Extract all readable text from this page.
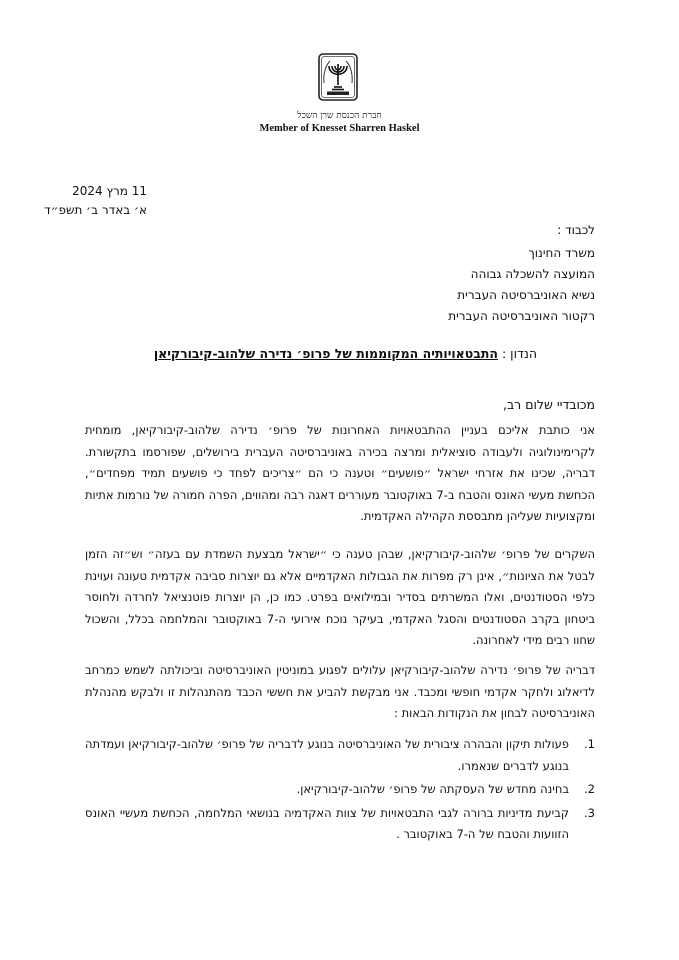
חברת הכנסת שרן השכל
Member of Knesset Sharren Haskel
11 מרץ 2024
א׳ באדר ב׳ תשפ״ד
לכבוד :
משרד החינוך
המועצה להשכלה גבוהה
נשיא האוניברסיטה העברית
רקטור האוניברסיטה העברית
הנדון : התבטאויותיה המקוממות של פרופ׳ נדירה שלהוב-קיבורקיאן
מכובדיי שלום רב,
אני כותבת אליכם בעניין ההתבטאויות האחרונות של פרופ׳ נדירה שלהוב-קיבורקיאן, מומחית לקרימינולוגיה ולעבודה סוציאלית ומרצה בכירה באוניברסיטה העברית בירושלים, שפורסמו בתקשורת. דבריה, שכינו את אזרחי ישראל ״פושעים״ וטענה כי הם ״צריכים לפחד כי פושעים תמיד מפחדים״, הכחשת מעשי האונס והטבח ב-7 באוקטובר מעוררים דאגה רבה ומהווים, הפרה חמורה של נורמות אתיות ומקצועיות שעליהן מתבססת הקהילה האקדמית.
השקרים של פרופ׳ שלהוב-קיבורקיאן, שבהן טענה כי ״ישראל מבצעת השמדת עם בעזה״ וש״זה הזמן לבטל את הציונות״, אינן רק מפרות את הגבולות האקדמיים אלא גם יוצרות סביבה אקדמית טעונה ועוינת כלפי הסטודנטים, ואלו המשרתים בסדיר ובמילואים בפרט. כמו כן, הן יוצרות פוטנציאל לחרדה ולחוסר ביטחון בקרב הסטודנטים והסגל האקדמי, בעיקר נוכח אירועי ה-7 באוקטובר והמלחמה בכלל, והשכול שחוו רבים מידי לאחרונה.
דבריה של פרופ׳ נדירה שלהוב-קיבורקיאן עלולים לפגוע במוניטין האוניברסיטה וביכולתה לשמש כמרחב לדיאלוג ולחקר אקדמי חופשי ומכבד. אני מבקשת להביע את חששי הכבד מהתנהלות זו ולבקש מהנהלת האוניברסיטה לבחון את הנקודות הבאות :
1.
פעולות תיקון והבהרה ציבורית של האוניברסיטה בנוגע לדבריה של פרופ׳ שלהוב-קיבורקיאן ועמדתה בנוגע לדברים שנאמרו.
2.
בחינה מחדש של העסקתה של פרופ׳ שלהוב-קיבורקיאן.
3.
קביעת מדיניות ברורה לגבי התבטאויות של צוות האקדמיה בנושאי המלחמה, הכחשת מעשיי האונס הזוועות והטבח של ה-7 באוקטובר .
